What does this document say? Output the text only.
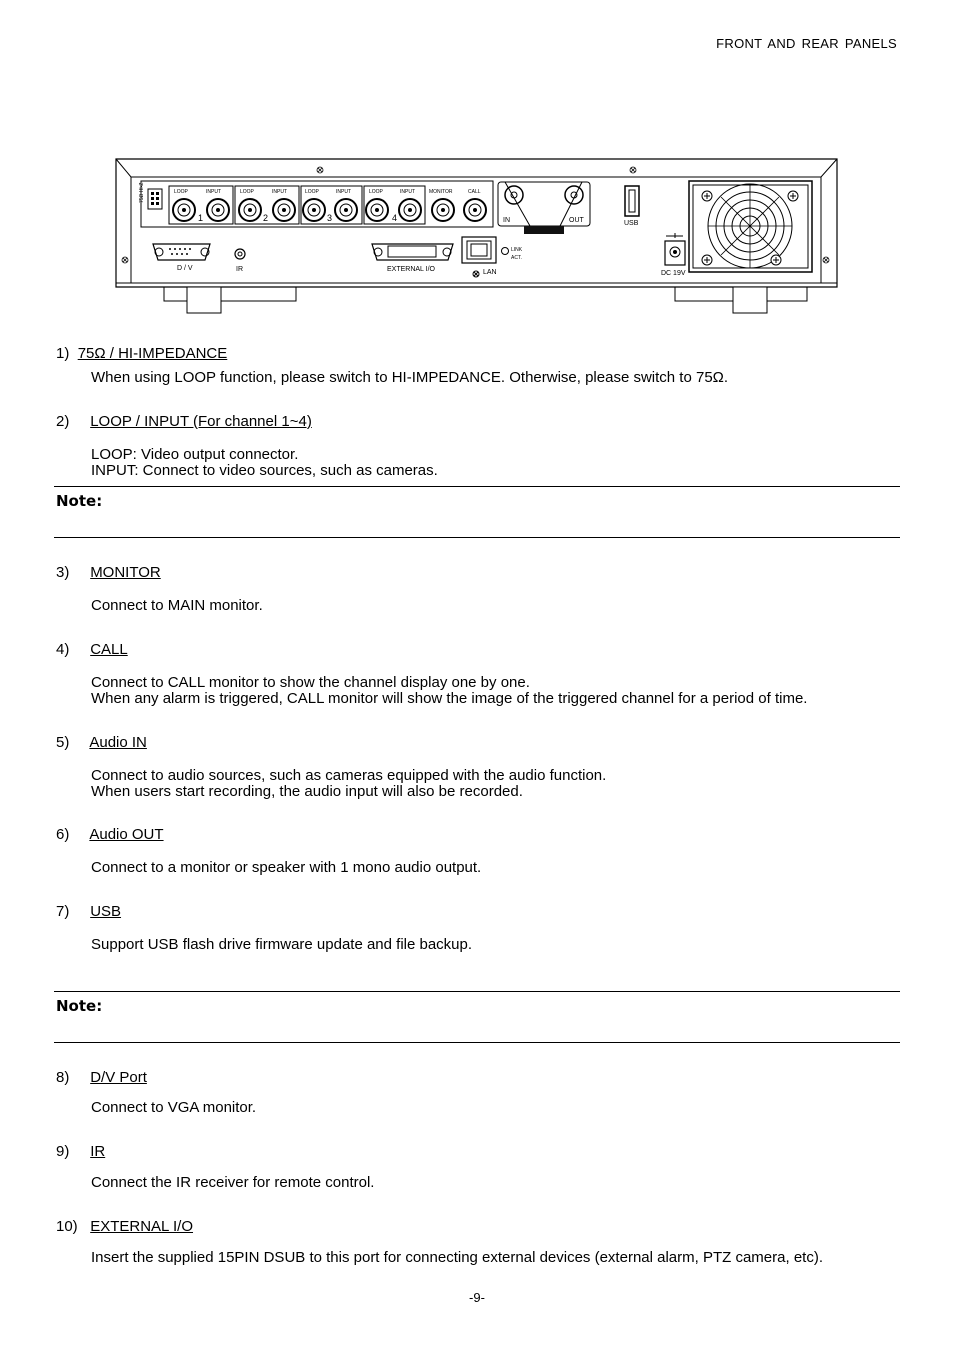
FRONT AND REAR PANELS
75Ω HI-Z	LOOP	INPUT
1
LOOP	INPUT
2
LOOP	INPUT
3
LOOP	INPUT
4
MONITOR	CALL
IN	OUT	USB
D / V	IR	EXTERNAL I/O	LAN
LINK
ACT.
DC 19V
1) 75Ω / HI-IMPEDANCE
When using LOOP function, please switch to HI-IMPEDANCE. Otherwise, please switch to 75Ω.
2) LOOP / INPUT (For channel 1~4)
LOOP: Video output connector.
INPUT: Connect to video sources, such as cameras.
Note:
3) MONITOR
Connect to MAIN monitor.
4) CALL
Connect to CALL monitor to show the channel display one by one.
When any alarm is triggered, CALL monitor will show the image of the triggered channel for a period of time.
5) Audio IN
Connect to audio sources, such as cameras equipped with the audio function.
When users start recording, the audio input will also be recorded.
6) Audio OUT
Connect to a monitor or speaker with 1 mono audio output.
7) USB
Support USB flash drive firmware update and file backup.
Note:
8) D/V Port
Connect to VGA monitor.
9) IR
Connect the IR receiver for remote control.
10) EXTERNAL I/O
Insert the supplied 15PIN DSUB to this port for connecting external devices (external alarm, PTZ camera, etc).
-9-
